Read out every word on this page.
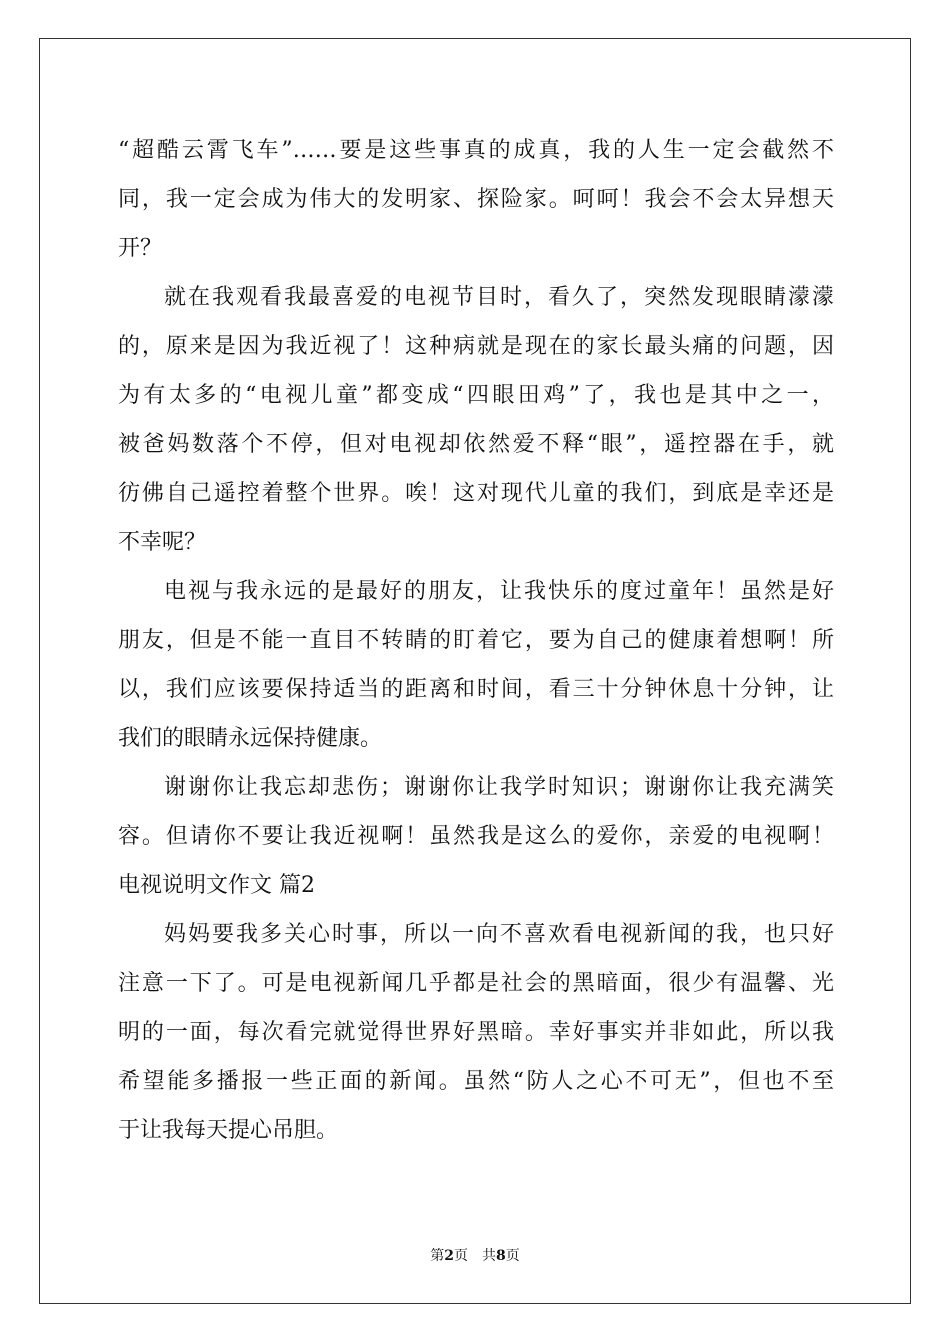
“超酷云霄飞车”……要是这些事真的成真，我的人生一定会截然不
同，我一定会成为伟大的发明家、探险家。呵呵！我会不会太异想天
开？
就在我观看我最喜爱的电视节目时，看久了，突然发现眼睛濛濛
的，原来是因为我近视了！这种病就是现在的家长最头痛的问题，因
为有太多的“电视儿童”都变成“四眼田鸡”了，我也是其中之一，
被爸妈数落个不停，但对电视却依然爱不释“眼”，遥控器在手，就
彷佛自己遥控着整个世界。唉！这对现代儿童的我们，到底是幸还是
不幸呢？
电视与我永远的是最好的朋友，让我快乐的度过童年！虽然是好
朋友，但是不能一直目不转睛的盯着它，要为自己的健康着想啊！所
以，我们应该要保持适当的距离和时间，看三十分钟休息十分钟，让
我们的眼睛永远保持健康。
谢谢你让我忘却悲伤；谢谢你让我学时知识；谢谢你让我充满笑
容。但请你不要让我近视啊！虽然我是这么的爱你，亲爱的电视啊！
电视说明文作文 篇2
妈妈要我多关心时事，所以一向不喜欢看电视新闻的我，也只好
注意一下了。可是电视新闻几乎都是社会的黑暗面，很少有温馨、光
明的一面，每次看完就觉得世界好黑暗。幸好事实并非如此，所以我
希望能多播报一些正面的新闻。虽然“防人之心不可无”，但也不至
于让我每天提心吊胆。
第2页　共8页
